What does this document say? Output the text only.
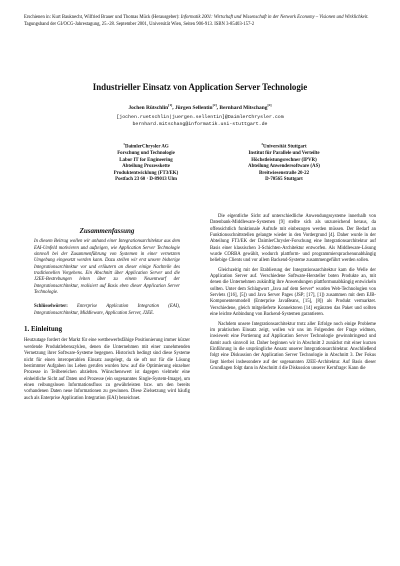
Erschienen in: Kurt Bauknecht, Wilfried Brauer und Thomas Mück (Herausgeber): Informatik 2001: Wirtschaft und Wissenschaft in der Network Economy – Visionen und Wirklichkeit. Tagungsband der GI/OCG-Jahrestagung, 25.-28. September 2001, Universität Wien, Seiten 906-913. ISBN 3-85403-157-2
Industrieller Einsatz von Application Server Technologie
Jochen Rütschlin[1], Jürgen Sellentin[2], Bernhard Mitschang[2]
[jochen.ruetschlin|juergen.sellentin]@DaimlerChrysler.com
bernhard.mitschang@informatik.uni-stuttgart.de
$^1$DaimlerChrysler AG
Forschung und Technologie
Labor IT for Engineering
Abteilung Prozesskette
Produktentwicklung (FT3/EK)
Postfach 23 60 · D-89013 Ulm
$^2$Universität Stuttgart
Institut für Parallele und Verteilte
Höchstleistungsrechner (IPVR)
Abteilung Anwendersoftware (AS)
Breitwiesenstraße 20-22
D-70565 Stuttgart
Zusammenfassung
In diesem Beitrag wollen wir anhand einer Integrationsarchitektur aus dem EAI-Umfeld motivieren und aufzeigen, wie Application Server Technologie sinnvoll bei der Zusammenführung von Systemen in einer vernetzten Umgebung eingesetzt werden kann. Dazu stellen wir erst unsere bisherige Integrationsarchitektur vor und erläutern an dieser einige Nachteile des traditionellen Vorgehens. Ein Abschnitt über Application Server und die J2EE-Bestrebungen leiten über zu einem Neuentwurf der Integrationsarchitektur, realisiert auf Basis eben dieser Application Server Technologie.
Schlüsselwörter: Enterprise Application Integration (EAI), Integrationsarchitektur, Middleware, Application Server, J2EE.
1. Einleitung

Heutzutage fordert der Markt für eine wettbewerbsfähige Positionierung immer kürzer werdende Produktlebenszyklen, denen die Unternehmen mit einer zunehmenden Vernetzung ihrer Software-Systeme begegnen. Historisch bedingt sind diese Systeme nicht für einen interoperablen Einsatz ausgelegt, da sie oft nur für die Lösung bestimmter Aufgaben ins Leben gerufen wurden bzw. auf die Optimierung einzelner Prozesse in Teilbereichen abzielten. Wünschenswert ist dagegen vielmehr eine einheitliche Sicht auf Daten und Prozesse (ein sogenanntes Single-System-Image), um einen reibungslosen Informationsfluss zu gewährleisten bzw. um den bereits vorhandenen Daten neue Informationen zu gewinnen. Diese Zielsetzung wird häufig auch als Enterprise Application Integration (EAI) bezeichnet.

Die eigentliche Sicht auf unterschiedliche Anwendungssysteme innerhalb von Datenbank-Middleware-Systemen [9] stellte sich als unzureichend heraus, da offensichtlich funktionale Aufrufe mit einbezogen werden müssen. Der Bedarf an Funktionsschnittstellen gelangte wieder in den Vordergrund [4]. Daher wurde in der Abteilung FT3/EK der DaimlerChrysler-Forschung eine Integrationsarchitektur auf Basis einer klassischen 3-Schichten-Architektur entworfen. Als Middleware-Lösung wurde CORBA gewählt, wodurch plattform- und programmiersprachenunabhängig beliebige Clients und vor allem Backend-Systeme zusammengeführt werden sollen.

Gleichzeitig mit der Etablierung der Integrationsarchitektur kam die Welle der Application Server auf. Verschiedene Software-Hersteller boten Produkte an, mit denen die Unternehmen zukünftig ihre Anwendungen plattformunabhängig entwickeln sollten. Unter dem Schlagwort „Java auf dem Server“ wurden Web-Technologien von Servlets ([16], [5]) und Java Server Pages (JSP; [17], [1]) zusammen mit dem EJB-Komponentenmodell (Enterprise JavaBeans, [15], [8]) als Produkt vermarktet. Verschiedene, gleich mitgelieferte Konnektoren [14] ergänzten das Paket und sollten eine leichte Anbindung von Backend-Systemen garantieren.

Nachdem unsere Integrationsarchitektur trotz aller Erfolge noch einige Probleme im praktischen Einsatz zeigt, wollen wir uns im Folgenden der Frage widmen, inwieweit eine Portierung auf Application Server Technologie gewinnbringend und damit auch sinnvoll ist. Daher beginnen wir in Abschnitt 2 zunächst mit einer kurzen Einführung in die ursprüngliche Ansatz unserer Integrationsarchitektur. Anschließend folgt eine Diskussion der Application Server Technologie in Abschnitt 3. Der Fokus liegt hierbei insbesondere auf der sogenannten J2EE-Architektur. Auf Basis dieser Grundlagen folgt dann in Abschnitt 4 die Diskussion unserer Kernfrage: Kann die
